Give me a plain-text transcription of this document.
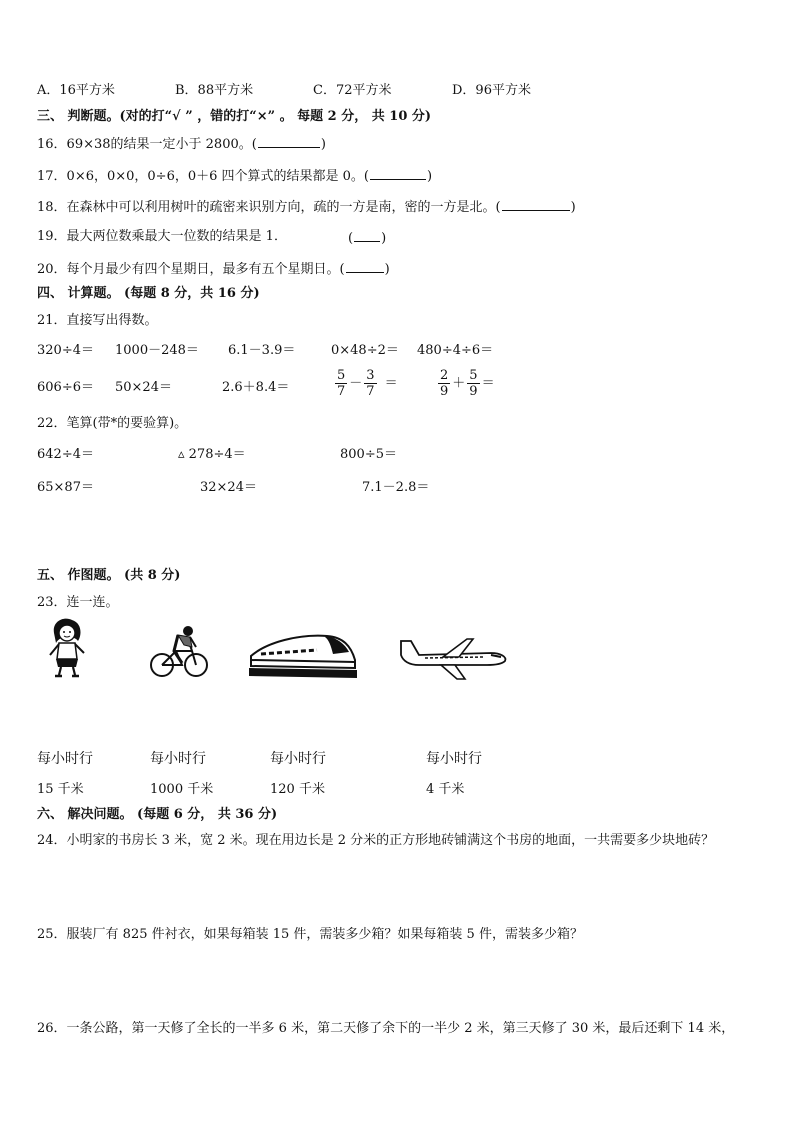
A．16平方米	B．88平方米	C．72平方米	D．96平方米
三、 判断题。(对的打“√ ” ，错的打“×” 。 每题 2 分， 共 10 分)
16．69×38的结果一定小于 2800。(	)
17．0×6，0×0，0÷6，0＋6 四个算式的结果都是 0。(	)
18．在森林中可以利用树叶的疏密来识别方向，疏的一方是南，密的一方是北。(	)
19．最大两位数乘最大一位数的结果是 1．	( )
20．每个月最少有四个星期日，最多有五个星期日。(	)
四、 计算题。 (每题 8 分，共 16 分)
21．直接写出得数。
320÷4＝ 1000－248＝ 6.1－3.9＝	0×48÷2＝ 480÷4÷6＝
606÷6＝ 50×24＝	2.6＋8.4＝	$\frac{5}{7} - \frac{3}{7}$ ＝	$\frac{2}{9} + \frac{5}{9}$ ＝
22．笔算(带*的要验算)。
642÷4＝	▵ 278÷4＝	800÷5＝
65×87＝	32×24＝	7.1－2.8＝
五、 作图题。 (共 8 分)
23．连一连。
每小时行	每小时行	每小时行	每小时行
15 千米	1000 千米	120 千米	4 千米
六、 解决问题。 (每题 6 分， 共 36 分)
24．小明家的书房长 3 米，宽 2 米。现在用边长是 2 分米的正方形地砖铺满这个书房的地面，一共需要多少块地砖？
25．服装厂有 825 件衬衣，如果每箱装 15 件，需装多少箱？如果每箱装 5 件，需装多少箱？
26．一条公路，第一天修了全长的一半多 6 米，第二天修了余下的一半少 2 米，第三天修了 30 米，最后还剩下 14 米，
